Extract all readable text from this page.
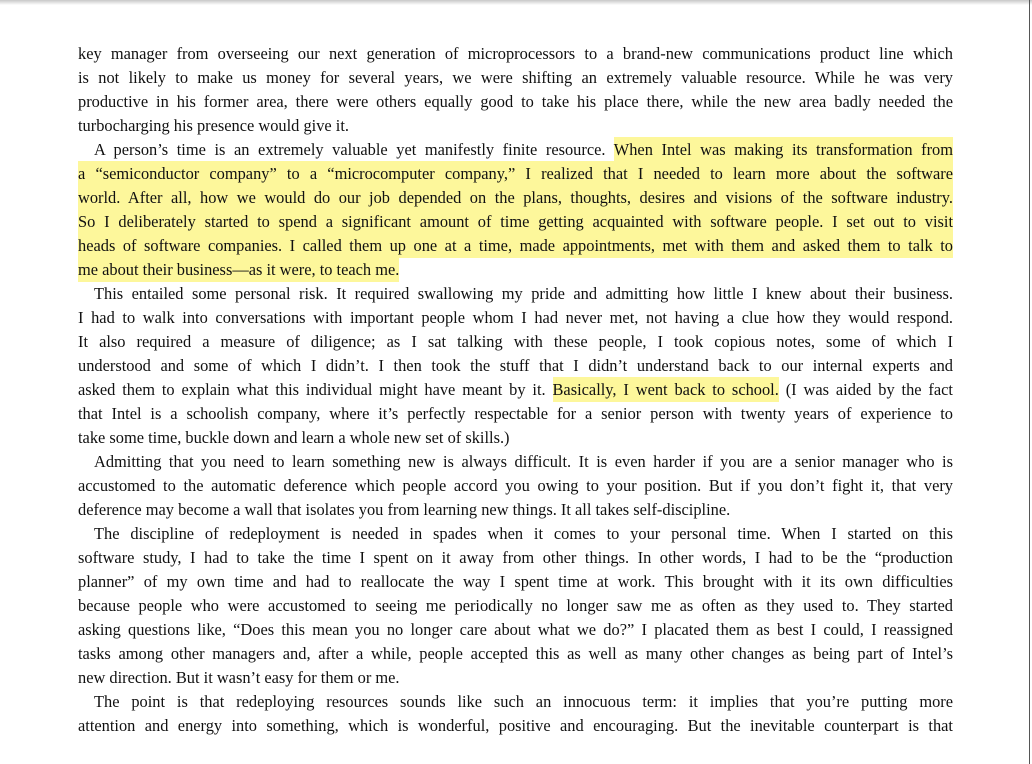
key manager from overseeing our next generation of microprocessors to a brand-new communications product line which
is not likely to make us money for several years, we were shifting an extremely valuable resource. While he was very
productive in his former area, there were others equally good to take his place there, while the new area badly needed the
turbocharging his presence would give it.
A person’s time is an extremely valuable yet manifestly finite resource. When Intel was making its transformation from
a “semiconductor company” to a “microcomputer company,” I realized that I needed to learn more about the software
world. After all, how we would do our job depended on the plans, thoughts, desires and visions of the software industry.
So I deliberately started to spend a significant amount of time getting acquainted with software people. I set out to visit
heads of software companies. I called them up one at a time, made appointments, met with them and asked them to talk to
me about their business—as it were, to teach me.
This entailed some personal risk. It required swallowing my pride and admitting how little I knew about their business.
I had to walk into conversations with important people whom I had never met, not having a clue how they would respond.
It also required a measure of diligence; as I sat talking with these people, I took copious notes, some of which I
understood and some of which I didn’t. I then took the stuff that I didn’t understand back to our internal experts and
asked them to explain what this individual might have meant by it. Basically, I went back to school. (I was aided by the fact
that Intel is a schoolish company, where it’s perfectly respectable for a senior person with twenty years of experience to
take some time, buckle down and learn a whole new set of skills.)
Admitting that you need to learn something new is always difficult. It is even harder if you are a senior manager who is
accustomed to the automatic deference which people accord you owing to your position. But if you don’t fight it, that very
deference may become a wall that isolates you from learning new things. It all takes self-discipline.
The discipline of redeployment is needed in spades when it comes to your personal time. When I started on this
software study, I had to take the time I spent on it away from other things. In other words, I had to be the “production
planner” of my own time and had to reallocate the way I spent time at work. This brought with it its own difficulties
because people who were accustomed to seeing me periodically no longer saw me as often as they used to. They started
asking questions like, “Does this mean you no longer care about what we do?” I placated them as best I could, I reassigned
tasks among other managers and, after a while, people accepted this as well as many other changes as being part of Intel’s
new direction. But it wasn’t easy for them or me.
The point is that redeploying resources sounds like such an innocuous term: it implies that you’re putting more
attention and energy into something, which is wonderful, positive and encouraging. But the inevitable counterpart is that
